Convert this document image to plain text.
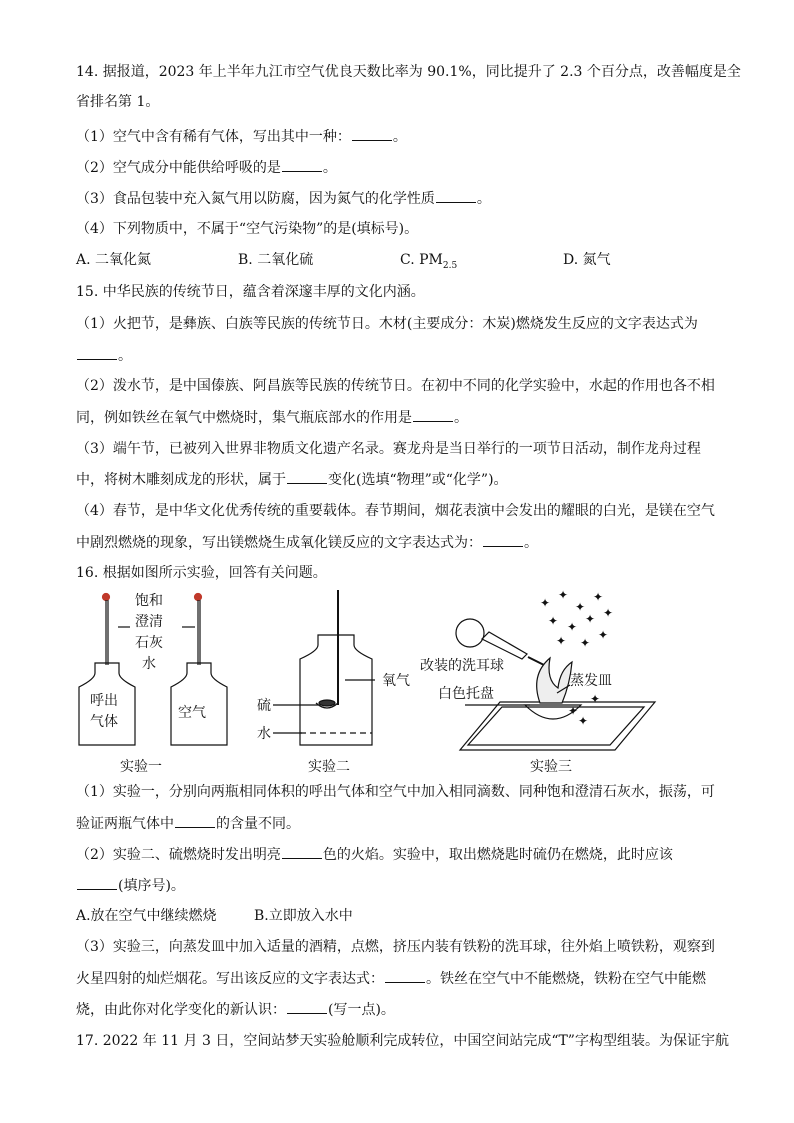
14. 据报道，2023 年上半年九江市空气优良天数比率为 90.1%，同比提升了 2.3 个百分点，改善幅度是全
省排名第 1。
（1）空气中含有稀有气体，写出其中一种：	。
（2）空气成分中能供给呼吸的是	。
（3）食品包装中充入氮气用以防腐，因为氮气的化学性质	。
（4）下列物质中，不属于“空气污染物”的是(填标号)。
A. 二氧化氮	B. 二氧化硫	C. $PM_{2.5}$	D. 氮气
15. 中华民族的传统节日，蕴含着深邃丰厚的文化内涵。
（1）火把节，是彝族、白族等民族的传统节日。木材(主要成分：木炭)燃烧发生反应的文字表达式为
。
（2）泼水节，是中国傣族、阿昌族等民族的传统节日。在初中不同的化学实验中，水起的作用也各不相
同，例如铁丝在氧气中燃烧时，集气瓶底部水的作用是	。
（3）端午节，已被列入世界非物质文化遗产名录。赛龙舟是当日举行的一项节日活动，制作龙舟过程
中，将树木雕刻成龙的形状，属于	变化(选填“物理”或“化学”)。
（4）春节，是中华文化优秀传统的重要载体。春节期间，烟花表演中会发出的耀眼的白光，是镁在空气
中剧烈燃烧的现象，写出镁燃烧生成氧化镁反应的文字表达式为：	。
16. 根据如图所示实验，回答有关问题。
饱和
澄清
石灰
水
呼出
气体
空气
实验一
硫
水
氧气
实验二
改装的洗耳球
白色托盘
蒸发皿
✦
✦
✦
✦
✦ ✦
✦ ✦
✦ ✦
✦
✦
✦
✦
实验三
（1）实验一，分别向两瓶相同体积的呼出气体和空气中加入相同滴数、同种饱和澄清石灰水，振荡，可
验证两瓶气体中	的含量不同。
（2）实验二、硫燃烧时发出明亮	色的火焰。实验中，取出燃烧匙时硫仍在燃烧，此时应该
(填序号)。
A.放在空气中继续燃烧	B.立即放入水中
（3）实验三，向蒸发皿中加入适量的酒精，点燃，挤压内装有铁粉的洗耳球，往外焰上喷铁粉，观察到
火星四射的灿烂烟花。写出该反应的文字表达式：	。铁丝在空气中不能燃烧，铁粉在空气中能燃
烧，由此你对化学变化的新认识：	(写一点)。
17. 2022 年 11 月 3 日，空间站梦天实验舱顺利完成转位，中国空间站完成“T”字构型组装。为保证宇航
